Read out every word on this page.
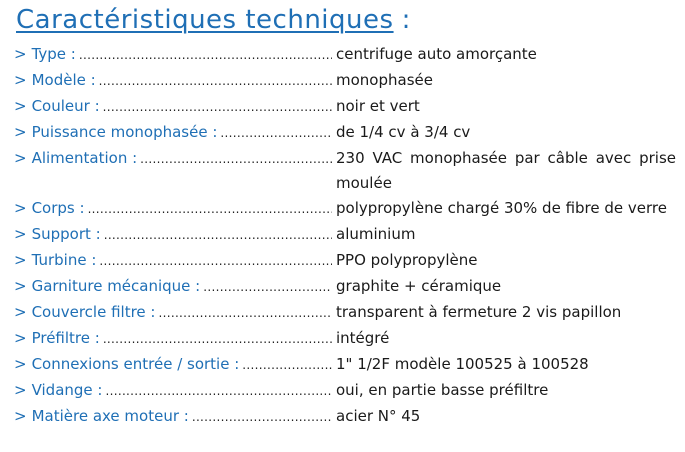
Caractéristiques techniques :
> Type : .....	centrifuge auto amorçante
> Modèle : .....	monophasée
> Couleur : .....	noir et vert
> Puissance monophasée : .....	de 1/4 cv à 3/4 cv
> Alimentation : .....	230 VAC monophasée par câble avec prise moulée
> Corps : .....	polypropylène chargé 30% de fibre de verre
> Support : .....	aluminium
> Turbine : .....	PPO polypropylène
> Garniture mécanique : .....	graphite + céramique
> Couvercle filtre : .....	transparent à fermeture 2 vis papillon
> Préfiltre : .....	intégré
> Connexions entrée / sortie : .....	1" 1/2F modèle 100525 à 100528
> Vidange : .....	oui, en partie basse préfiltre
> Matière axe moteur : .....	acier N° 45
